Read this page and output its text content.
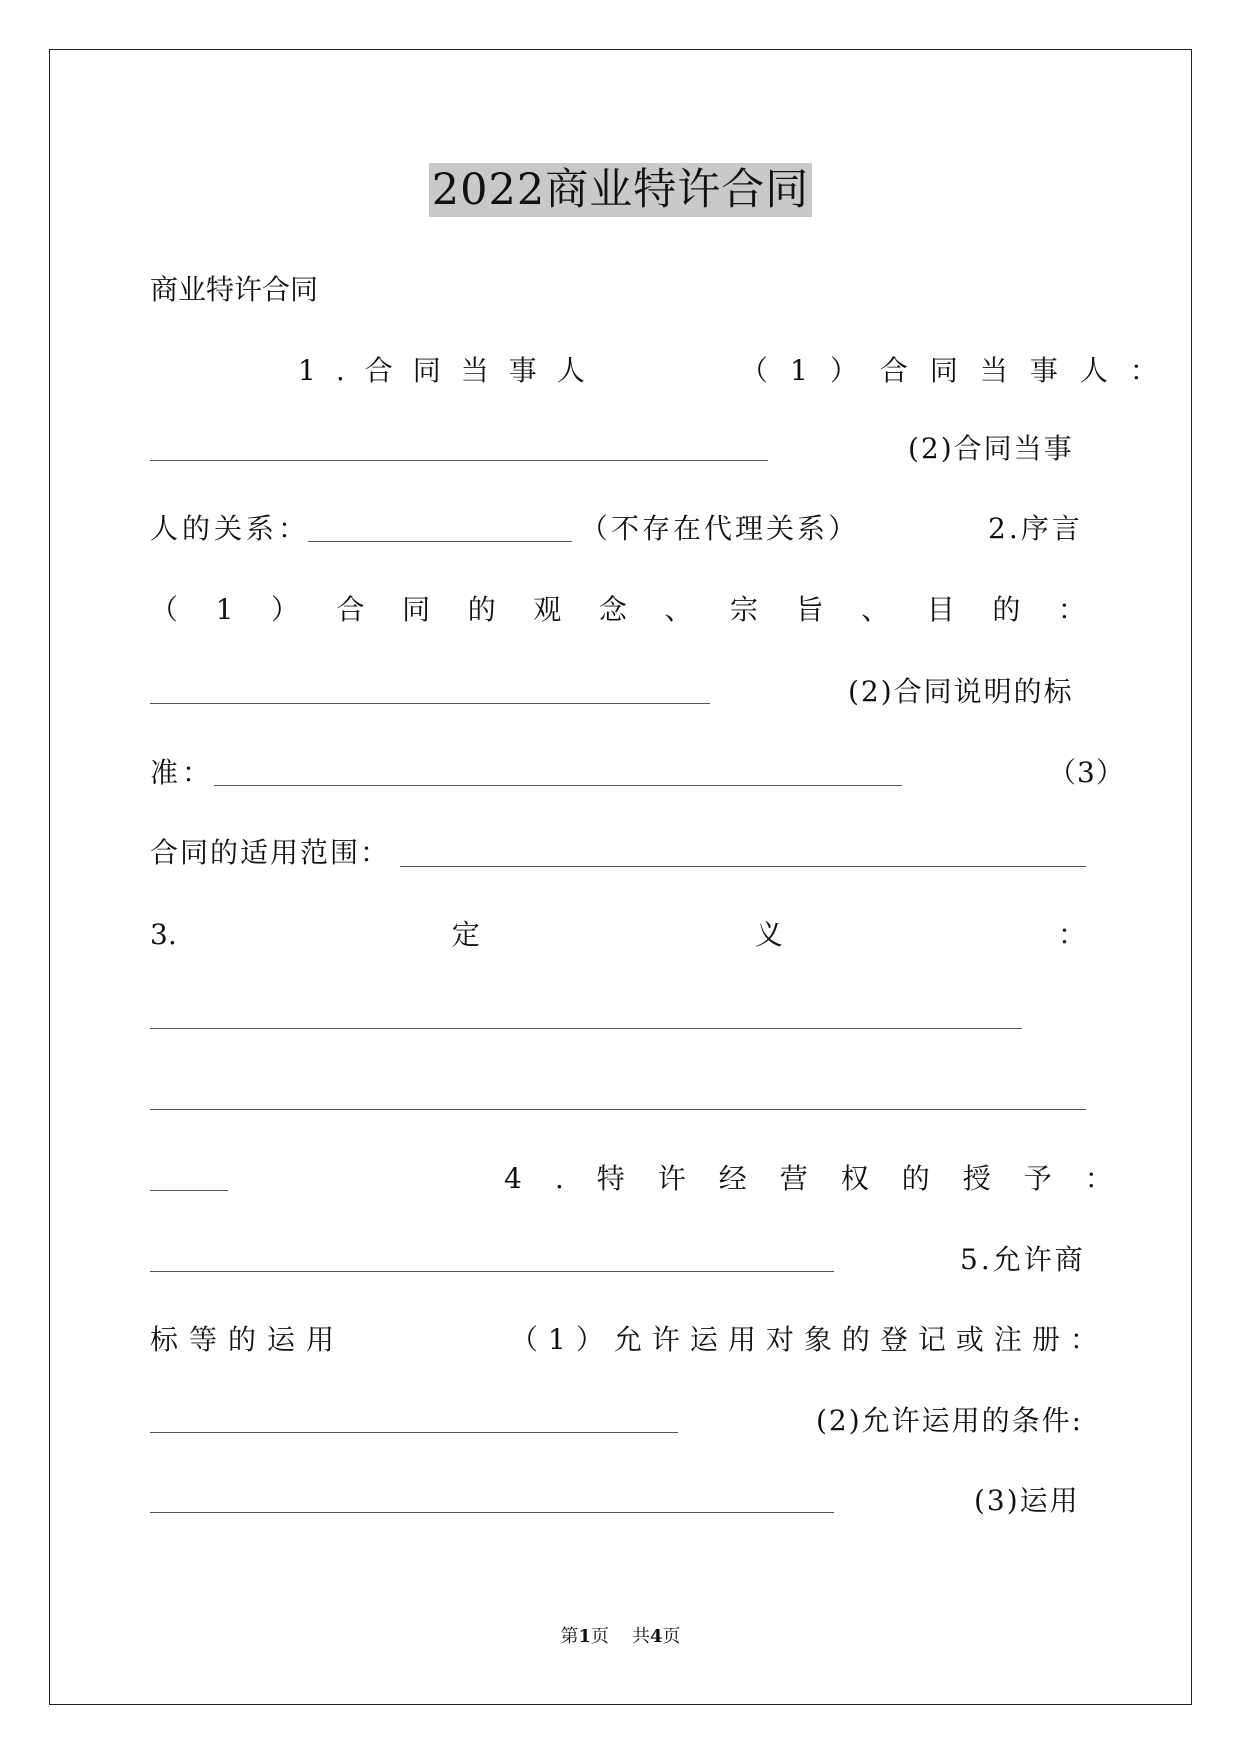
2022商业特许合同
商业特许合同
1.合同当事人	（1）合同当事人：
(2)合同当事
人的关系：	（不存在代理关系）	2.序言
（ 1 ） 合 同 的 观 念 、 宗 旨 、 目 的 ：
(2)合同说明的标
准：	（3）
合同的适用范围：
3.	定	义	：
4.特许经营权的授予：
5.允许商
标等的运用	（1）允许运用对象的登记或注册：
(2)允许运用的条件:
(3)运用
第1页 共4页
